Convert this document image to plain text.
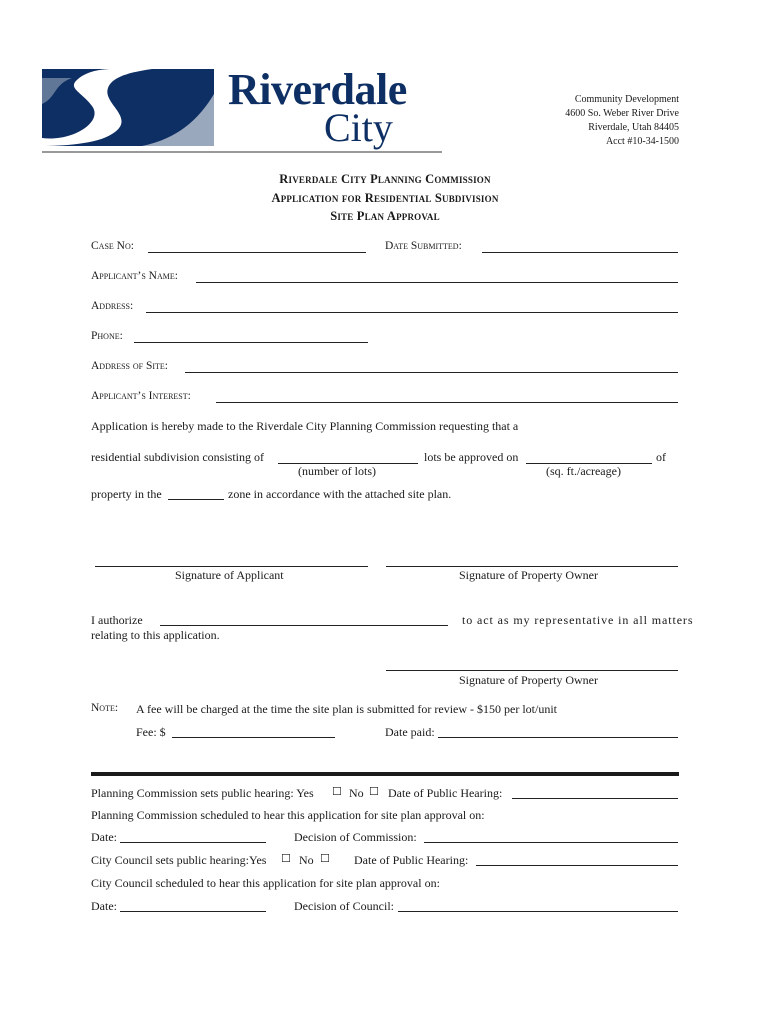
Riverdale
City
Community Development
4600 So. Weber River Drive
Riverdale, Utah 84405
Acct #10-34-1500
Riverdale City Planning Commission
Application for Residential Subdivision
Site Plan Approval
Case No:	Date Submitted:
Applicant’s Name:
Address:
Phone:
Address of Site:
Applicant’s Interest:
Application is hereby made to the Riverdale City Planning Commission requesting that a
residential subdivision consisting of	lots be approved on	of
(number of lots)	(sq. ft./acreage)
property in the	zone in accordance with the attached site plan.
Signature of Applicant	Signature of Property Owner
I authorize	to act as my representative in all matters
relating to this application.
Signature of Property Owner
Note: A fee will be charged at the time the site plan is submitted for review - $150 per lot/unit
Fee: $	Date paid:
Planning Commission sets public hearing: Yes ☐ No ☐ Date of Public Hearing:
Planning Commission scheduled to hear this application for site plan approval on:
Date:	Decision of Commission:
City Council sets public hearing:Yes ☐ No ☐ Date of Public Hearing:
City Council scheduled to hear this application for site plan approval on:
Date:	Decision of Council:
